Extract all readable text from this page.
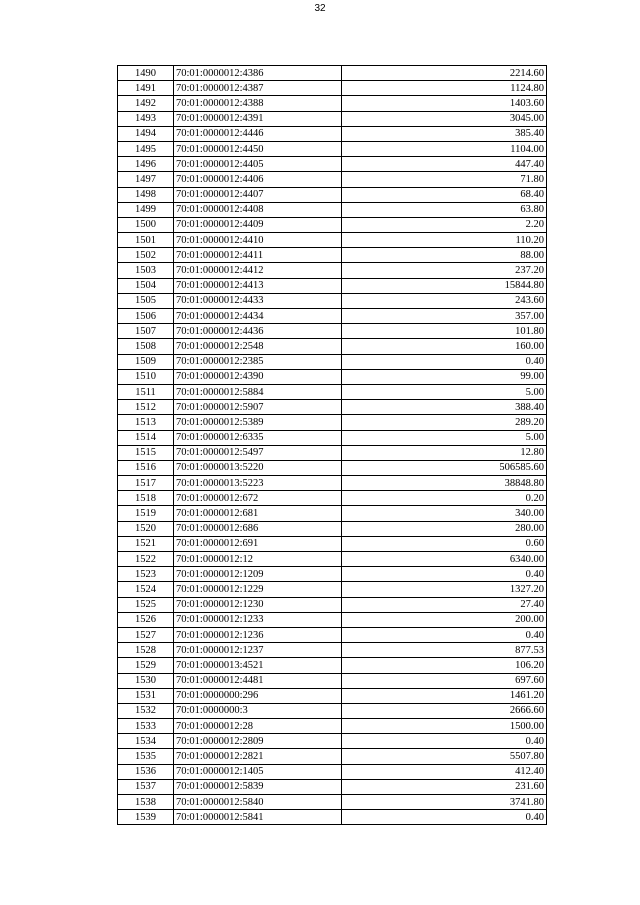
32
1490	70:01:0000012:4386	2214.60
1491	70:01:0000012:4387	1124.80
1492	70:01:0000012:4388	1403.60
1493	70:01:0000012:4391	3045.00
1494	70:01:0000012:4446	385.40
1495	70:01:0000012:4450	1104.00
1496	70:01:0000012:4405	447.40
1497	70:01:0000012:4406	71.80
1498	70:01:0000012:4407	68.40
1499	70:01:0000012:4408	63.80
1500	70:01:0000012:4409	2.20
1501	70:01:0000012:4410	110.20
1502	70:01:0000012:4411	88.00
1503	70:01:0000012:4412	237.20
1504	70:01:0000012:4413	15844.80
1505	70:01:0000012:4433	243.60
1506	70:01:0000012:4434	357.00
1507	70:01:0000012:4436	101.80
1508	70:01:0000012:2548	160.00
1509	70:01:0000012:2385	0.40
1510	70:01:0000012:4390	99.00
1511	70:01:0000012:5884	5.00
1512	70:01:0000012:5907	388.40
1513	70:01:0000012:5389	289.20
1514	70:01:0000012:6335	5.00
1515	70:01:0000012:5497	12.80
1516	70:01:0000013:5220	506585.60
1517	70:01:0000013:5223	38848.80
1518	70:01:0000012:672	0.20
1519	70:01:0000012:681	340.00
1520	70:01:0000012:686	280.00
1521	70:01:0000012:691	0.60
1522	70:01:0000012:12	6340.00
1523	70:01:0000012:1209	0.40
1524	70:01:0000012:1229	1327.20
1525	70:01:0000012:1230	27.40
1526	70:01:0000012:1233	200.00
1527	70:01:0000012:1236	0.40
1528	70:01:0000012:1237	877.53
1529	70:01:0000013:4521	106.20
1530	70:01:0000012:4481	697.60
1531	70:01:0000000:296	1461.20
1532	70:01:0000000:3	2666.60
1533	70:01:0000012:28	1500.00
1534	70:01:0000012:2809	0.40
1535	70:01:0000012:2821	5507.80
1536	70:01:0000012:1405	412.40
1537	70:01:0000012:5839	231.60
1538	70:01:0000012:5840	3741.80
1539	70:01:0000012:5841	0.40
